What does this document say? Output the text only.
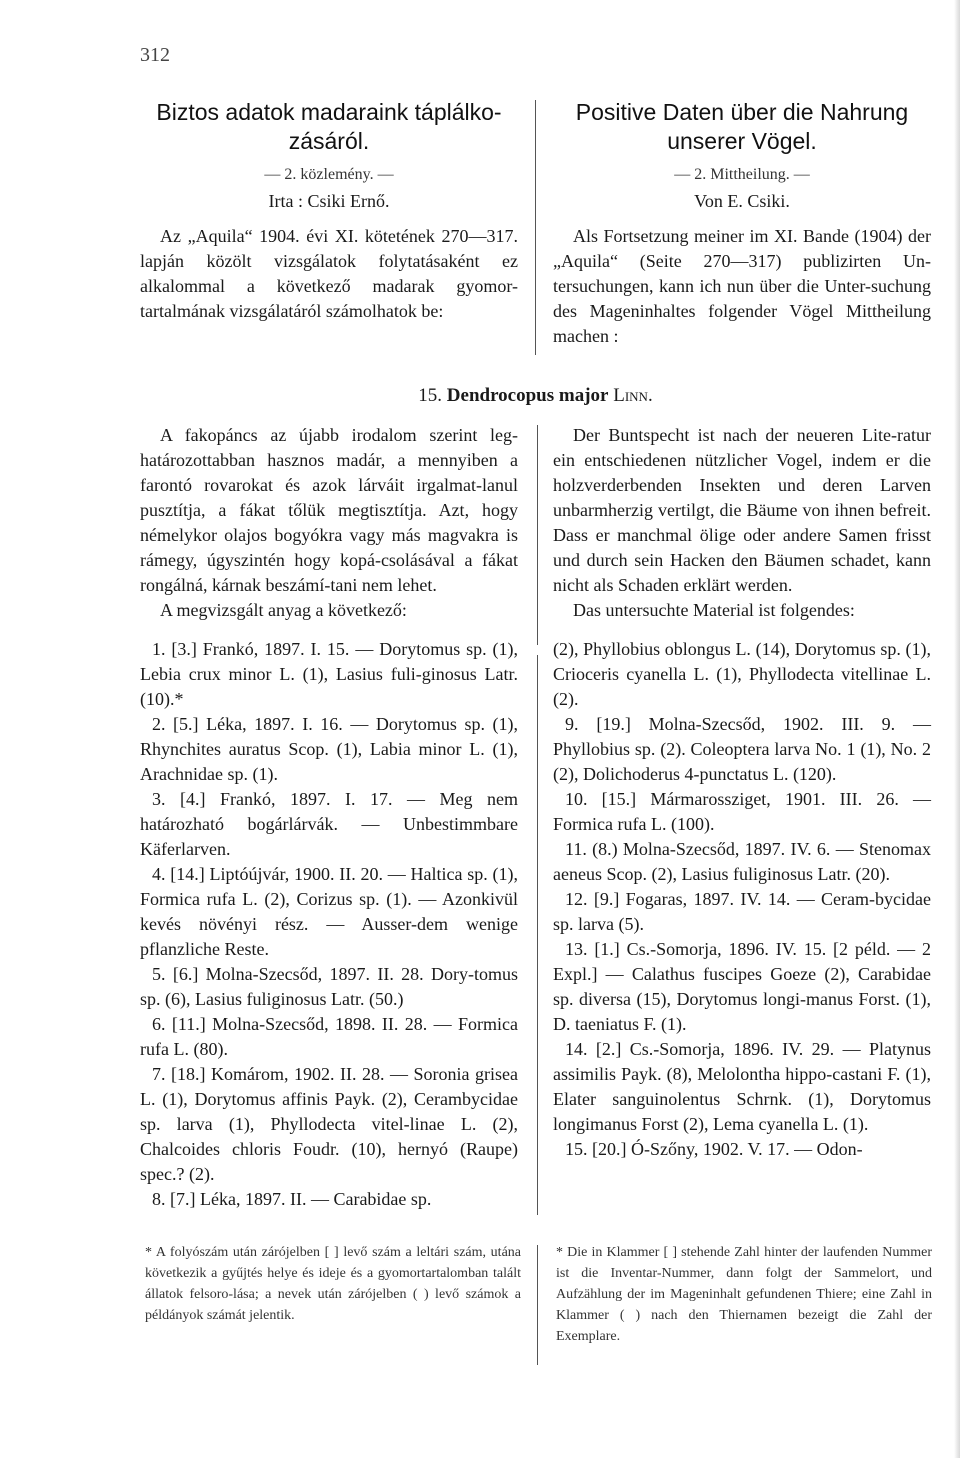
312
Biztos adatok madaraink táplálko-zásáról.
— 2. közlemény. —
Irta : Csiki Ernő.
Az „Aquila“ 1904. évi XI. kötetének 270—317. lapján közölt vizsgálatok folytatásaként ez alkalommal a következő madarak gyomor-tartalmának vizsgálatáról számolhatok be:
Positive Daten über die Nahrung unserer Vögel.
— 2. Mittheilung. —
Von E. Csiki.
Als Fortsetzung meiner im XI. Bande (1904) der „Aquila“ (Seite 270—317) publizirten Un-tersuchungen, kann ich nun über die Unter-suchung des Mageninhaltes folgender Vögel Mittheilung machen :
15. Dendrocopus major Linn.
A fakopáncs az újabb irodalom szerint leg-határozottabban hasznos madár, a mennyiben a farontó rovarokat és azok lárváit irgalmat-lanul pusztítja, a fákat tőlük megtisztítja. Azt, hogy némelykor olajos bogyókra vagy más magvakra is rámegy, úgyszintén hogy kopá-csolásával a fákat rongálná, kárnak beszámí-tani nem lehet.
A megvizsgált anyag a következő:
1. [3.] Frankó, 1897. I. 15. — Dorytomus sp. (1), Lebia crux minor L. (1), Lasius fuli-ginosus Latr. (10).*
2. [5.] Léka, 1897. I. 16. — Dorytomus sp. (1), Rhynchites auratus Scop. (1), Labia minor L. (1), Arachnidae sp. (1).
3. [4.] Frankó, 1897. I. 17. — Meg nem határozható bogárlárvák. — Unbestimmbare Käferlarven.
4. [14.] Liptóújvár, 1900. II. 20. — Haltica sp. (1), Formica rufa L. (2), Corizus sp. (1). — Azonkivül kevés növényi rész. — Ausser-dem wenige pflanzliche Reste.
5. [6.] Molna-Szecsőd, 1897. II. 28. Dory-tomus sp. (6), Lasius fuliginosus Latr. (50.)
6. [11.] Molna-Szecsőd, 1898. II. 28. — Formica rufa L. (80).
7. [18.] Komárom, 1902. II. 28. — Soronia grisea L. (1), Dorytomus affinis Payk. (2), Cerambycidae sp. larva (1), Phyllodecta vitel-linae L. (2), Chalcoides chloris Foudr. (10), hernyó (Raupe) spec.? (2).
8. [7.] Léka, 1897. II. — Carabidae sp.
Der Buntspecht ist nach der neueren Lite-ratur ein entschiedenen nützlicher Vogel, indem er die holzverderbenden Insekten und deren Larven unbarmherzig vertilgt, die Bäume von ihnen befreit. Dass er manchmal ölige oder andere Samen frisst und durch sein Hacken den Bäumen schadet, kann nicht als Schaden erklärt werden.
Das untersuchte Material ist folgendes:
(2), Phyllobius oblongus L. (14), Dorytomus sp. (1), Crioceris cyanella L. (1), Phyllodecta vitellinae L. (2).
9. [19.] Molna-Szecsőd, 1902. III. 9. — Phyllobius sp. (2). Coleoptera larva No. 1 (1), No. 2 (2), Dolichoderus 4-punctatus L. (120).
10. [15.] Mármarossziget, 1901. III. 26. — Formica rufa L. (100).
11. (8.) Molna-Szecsőd, 1897. IV. 6. — Stenomax aeneus Scop. (2), Lasius fuliginosus Latr. (20).
12. [9.] Fogaras, 1897. IV. 14. — Ceram-bycidae sp. larva (5).
13. [1.] Cs.-Somorja, 1896. IV. 15. [2 péld. — 2 Expl.] — Calathus fuscipes Goeze (2), Carabidae sp. diversa (15), Dorytomus longi-manus Forst. (1), D. taeniatus F. (1).
14. [2.] Cs.-Somorja, 1896. IV. 29. — Platynus assimilis Payk. (8), Melolontha hippo-castani F. (1), Elater sanguinolentus Schrnk. (1), Dorytomus longimanus Forst (2), Lema cyanella L. (1).
15. [20.] Ó-Szőny, 1902. V. 17. — Odon-
* A folyószám után zárójelben [ ] levő szám a leltári szám, utána következik a gyűjtés helye és ideje és a gyomortartalomban talált állatok felsoro-lása; a nevek után zárójelben ( ) levő számok a példányok számát jelentik.
* Die in Klammer [ ] stehende Zahl hinter der laufenden Nummer ist die Inventar-Nummer, dann folgt der Sammelort, und Aufzählung der im Mageninhalt gefundenen Thiere; eine Zahl in Klammer ( ) nach den Thiernamen bezeigt die Zahl der Exemplare.
